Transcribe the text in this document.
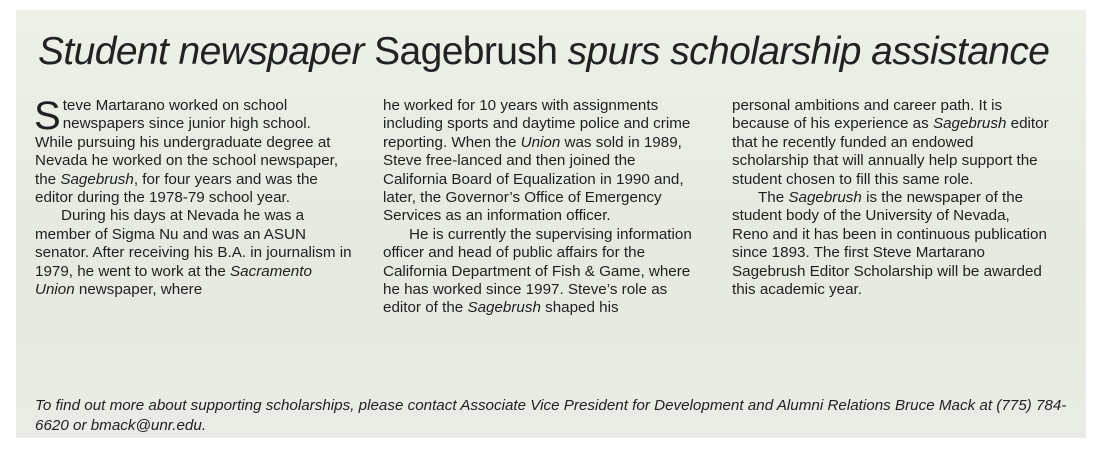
Student newspaper Sagebrush spurs scholarship assistance

Steve Martarano worked on school newspapers since junior high school. While pursuing his undergraduate degree at Nevada he worked on the school newspaper, the Sagebrush, for four years and was the editor during the 1978-79 school year.

During his days at Nevada he was a member of Sigma Nu and was an ASUN senator. After receiving his B.A. in journalism in 1979, he went to work at the Sacramento Union newspaper, where

he worked for 10 years with assignments including sports and daytime police and crime reporting. When the Union was sold in 1989, Steve free-lanced and then joined the California Board of Equalization in 1990 and, later, the Governor’s Office of Emergency Services as an information officer.

He is currently the supervising information officer and head of public affairs for the California Department of Fish & Game, where he has worked since 1997. Steve’s role as editor of the Sagebrush shaped his

personal ambitions and career path. It is because of his experience as Sagebrush editor that he recently funded an endowed scholarship that will annually help support the student chosen to fill this same role.

The Sagebrush is the newspaper of the student body of the University of Nevada, Reno and it has been in continuous publication since 1893. The first Steve Martarano Sagebrush Editor Scholarship will be awarded this academic year.

To find out more about supporting scholarships, please contact Associate Vice President for Development and Alumni Relations Bruce Mack at (775) 784-6620 or bmack@unr.edu.
